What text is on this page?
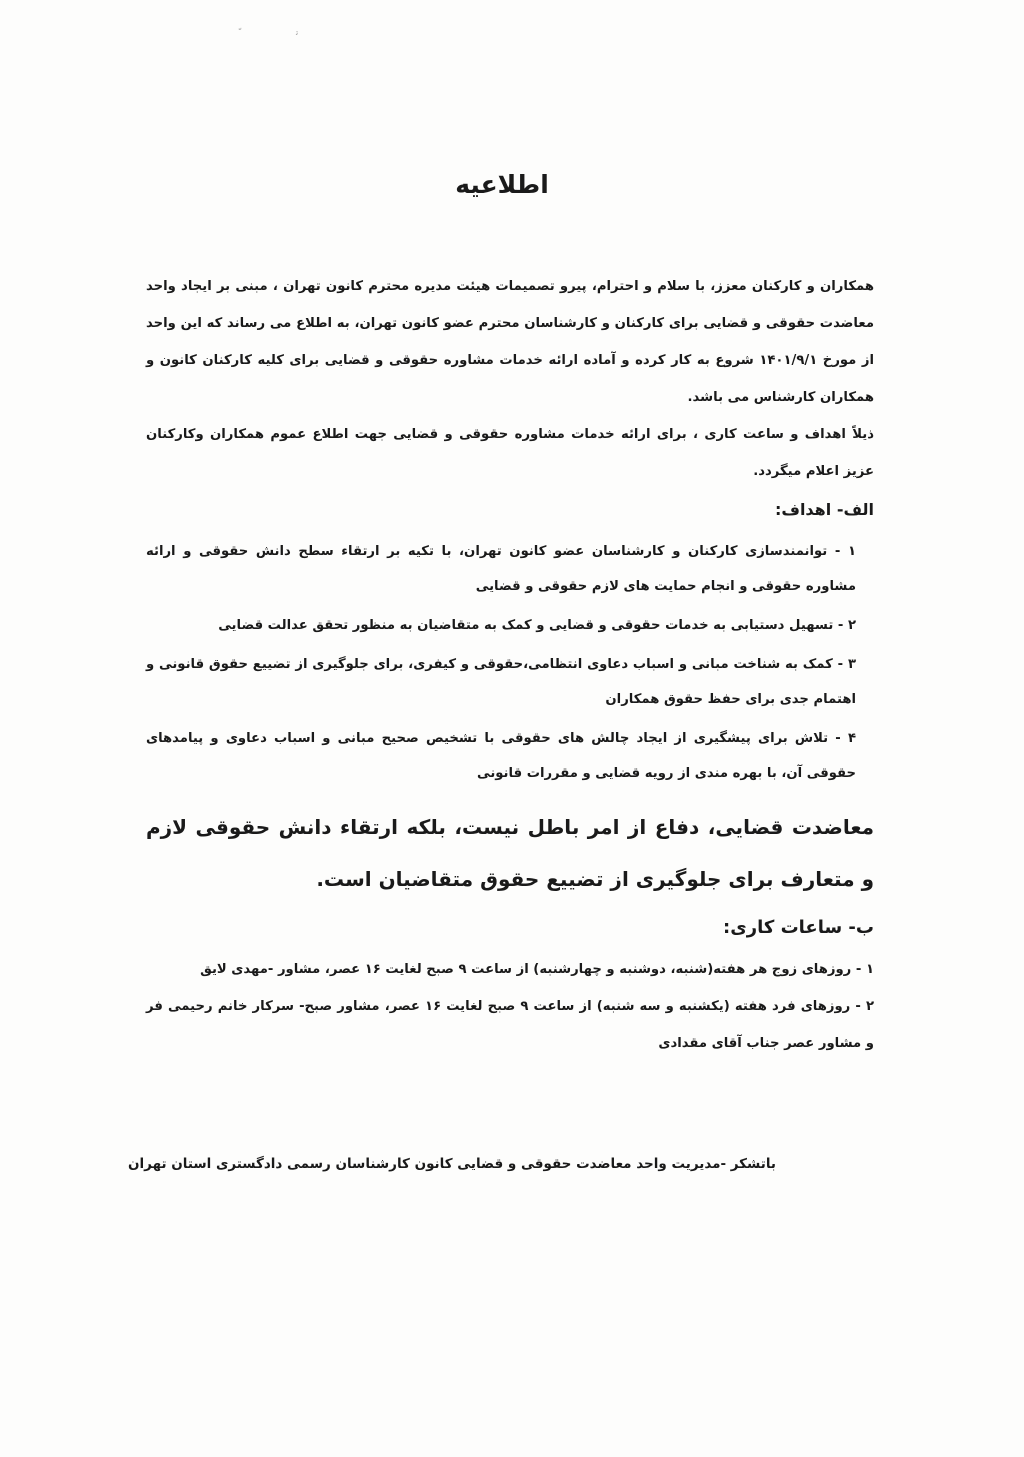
ﺗ
اطلاعیه

همکاران و کارکنان معزز، با سلام و احترام، پیرو تصمیمات هیئت مدیره محترم کانون تهران ، مبنی بر ایجاد واحد معاضدت حقوقی و قضایی برای کارکنان و کارشناسان محترم عضو کانون تهران، به اطلاع می رساند که این واحد از مورخ ۱۴۰۱/۹/۱ شروع به کار کرده و آماده ارائه خدمات مشاوره حقوقی و قضایی برای کلیه کارکنان کانون و همکاران کارشناس می باشد.

ذیلاً اهداف و ساعت کاری ، برای ارائه خدمات مشاوره حقوقی و قضایی جهت اطلاع عموم همکاران وکارکنان عزیز اعلام میگردد.

الف- اهداف:
۱ - توانمندسازی کارکنان و کارشناسان عضو کانون تهران، با تکیه بر ارتقاء سطح دانش حقوقی و ارائه مشاوره حقوقی و انجام حمایت های لازم حقوقی و قضایی
۲ - تسهیل دستیابی به خدمات حقوقی و قضایی و کمک به متقاضیان به منظور تحقق عدالت قضایی
۳ - کمک به شناخت مبانی و اسباب دعاوی انتظامی،حقوقی و کیفری، برای جلوگیری از تضییع حقوق قانونی و اهتمام جدی برای حفظ حقوق همکاران
۴ - تلاش برای پیشگیری از ایجاد چالش های حقوقی با تشخیص صحیح مبانی و اسباب دعاوی و پیامدهای حقوقی آن، با بهره مندی از رویه قضایی و مقررات قانونی
معاضدت قضایی، دفاع از امر باطل نیست، بلکه ارتقاء دانش حقوقی لازم و متعارف برای جلوگیری از تضییع حقوق متقاضیان است.
ب- ساعات کاری:

۱ - روزهای زوج هر هفته(شنبه، دوشنبه و چهارشنبه) از ساعت ۹ صبح لغایت ۱۶ عصر، مشاور -مهدی لایق

۲ - روزهای فرد هفته (یکشنبه و سه شنبه) از ساعت ۹ صبح لغایت ۱۶ عصر، مشاور صبح- سرکار خانم رحیمی فر و مشاور عصر جناب آقای مقدادی

باتشکر -مدیریت واحد معاضدت حقوقی و قضایی کانون کارشناسان رسمی دادگستری استان تهران
